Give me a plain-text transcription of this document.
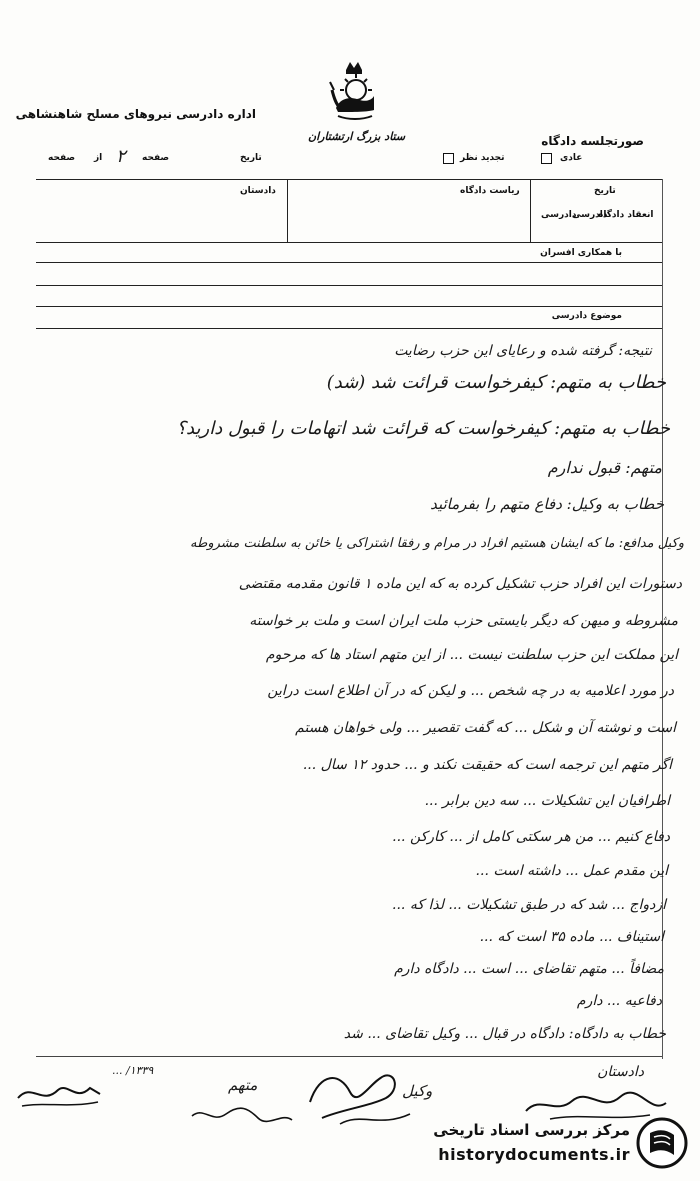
ستاد بزرگ ارتشتاران
اداره دادرسی نیروهای مسلح شاهنشاهی
صورتجلسه دادگاه
صفحه از ۲ صفحه	تاریخ	تجدید نظر	عادی
دادستان	ریاست دادگاه	تاریخ
انعقاد دادگاه
دادرسی
دادرسی
با همکاری افسران
موضوع دادرسی
نتیجه: گرفته شده و رعایای این حزب رضایت
خطاب به متهم: کیفرخواست قرائت شد (شد)
خطاب به متهم: کیفرخواست که قرائت شد اتهامات را قبول دارید؟
متهم: قبول ندارم
خطاب به وکیل: دفاع متهم را بفرمائید
وکیل مدافع: ما که ایشان هستیم افراد در مرام و رفقا اشتراکی یا خائن به سلطنت مشروطه
دستورات این افراد حزب تشکیل کرده به که این ماده ۱ قانون مقدمه مقتضی
مشروطه و میهن که دیگر بایستی حزب ملت ایران است و ملت بر خواسته
این مملکت این حزب سلطنت نیست ... از این متهم استاد ها که مرحوم
در مورد اعلامیه به در چه شخص ... و لیکن که در آن اطلاع است دراین
است و نوشته آن و شکل ... که گفت تقصیر ... ولی خواهان هستم
اگر متهم این ترجمه است که حقیقت نکند و ... حدود ۱۲ سال ...
اطرافیان این تشکیلات ... سه دین برابر ...
دفاع کنیم ... من هر سکتی کامل از ... کارکن ...
این مقدم عمل ... داشته است ...
ازدواج ... شد که در طبق تشکیلات ... لذا که ...
استیناف ... ماده ۳۵ است که ...
مضافاً ... متهم تقاضای ... است ... دادگاه دارم
دفاعیه ... دارم
خطاب به دادگاه: دادگاه در قبال ... وکیل تقاضای ... شد
دادستان
متهم	وکیل
۱۳۳۹/ ...
مرکز بررسی اسناد تاریخی
historydocuments.ir
